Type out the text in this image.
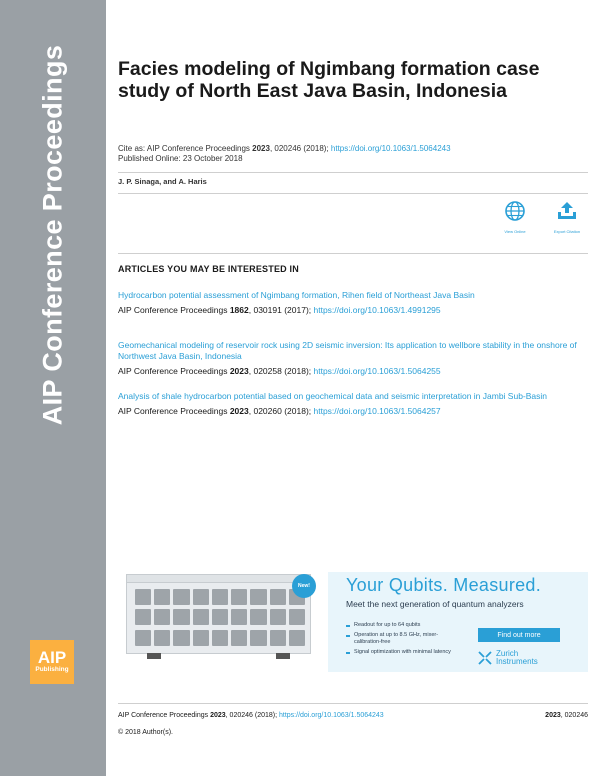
AIP Conference Proceedings
AIP
Publishing
Facies modeling of Ngimbang formation case study of North East Java Basin, Indonesia
Cite as: AIP Conference Proceedings 2023, 020246 (2018); https://doi.org/10.1063/1.5064243
Published Online: 23 October 2018
J. P. Sinaga, and A. Haris
View Online	Export Citation
ARTICLES YOU MAY BE INTERESTED IN
Hydrocarbon potential assessment of Ngimbang formation, Rihen field of Northeast Java Basin
AIP Conference Proceedings 1862, 030191 (2017); https://doi.org/10.1063/1.4991295
Geomechanical modeling of reservoir rock using 2D seismic inversion: Its application to wellbore stability in the onshore of Northwest Java Basin, Indonesia
AIP Conference Proceedings 2023, 020258 (2018); https://doi.org/10.1063/1.5064255
Analysis of shale hydrocarbon potential based on geochemical data and seismic interpretation in Jambi Sub-Basin
AIP Conference Proceedings 2023, 020260 (2018); https://doi.org/10.1063/1.5064257
New!	Your Qubits. Measured.
Meet the next generation of quantum analyzers
Readout for up to 64 qubits
Operation at up to 8.5 GHz, mixer-calibration-free
Signal optimization with minimal latency
Find out more
Zurich Instruments
AIP Conference Proceedings 2023, 020246 (2018); https://doi.org/10.1063/1.5064243	2023, 020246
© 2018 Author(s).
